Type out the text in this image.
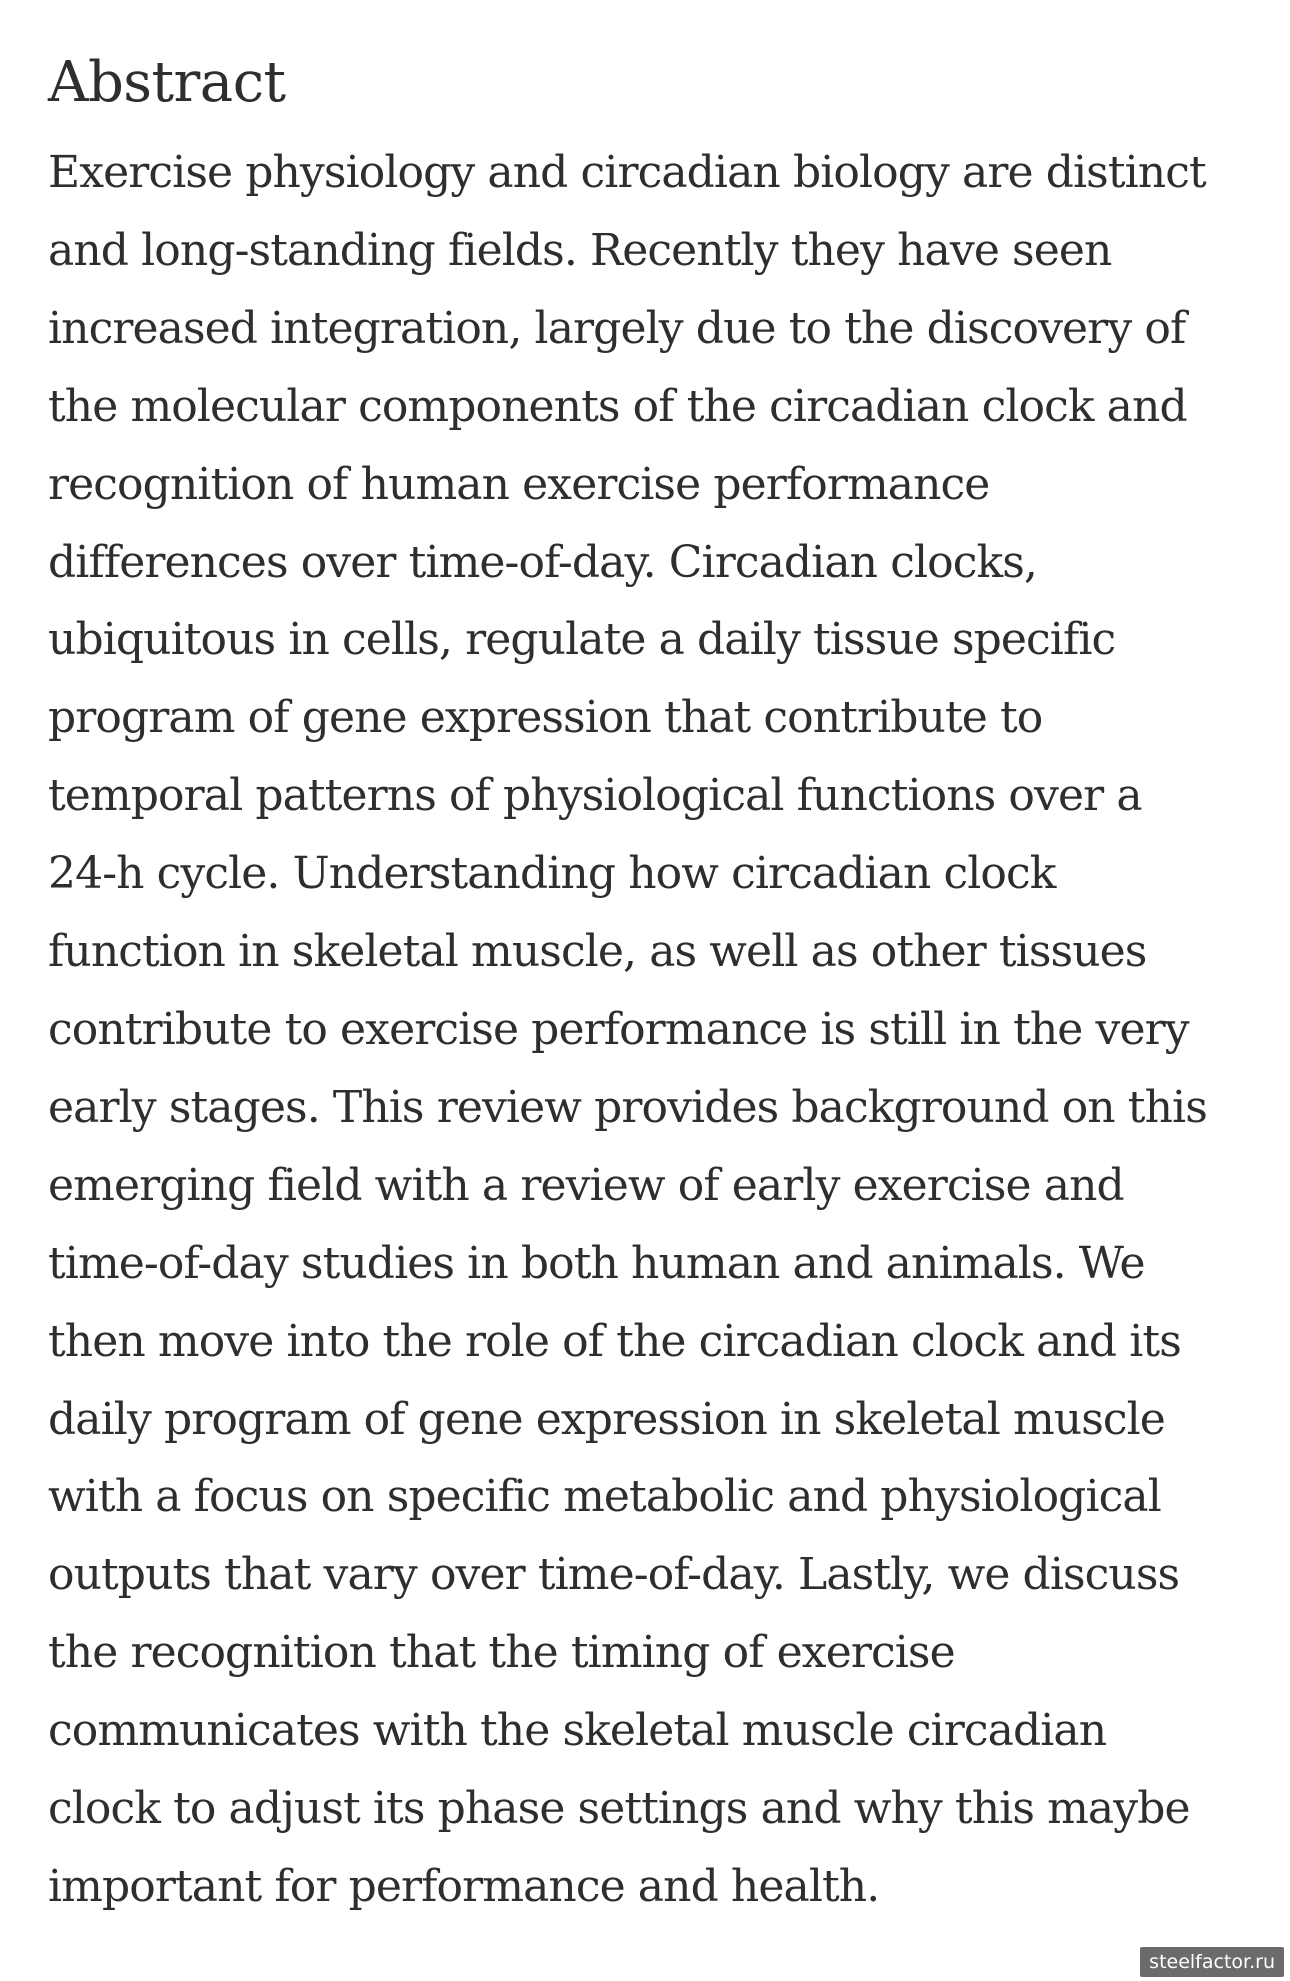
Abstract

Exercise physiology and circadian biology are distinct
and long-standing fields. Recently they have seen
increased integration, largely due to the discovery of
the molecular components of the circadian clock and
recognition of human exercise performance
differences over time-of-day. Circadian clocks,
ubiquitous in cells, regulate a daily tissue specific
program of gene expression that contribute to
temporal patterns of physiological functions over a
24-h cycle. Understanding how circadian clock
function in skeletal muscle, as well as other tissues
contribute to exercise performance is still in the very
early stages. This review provides background on this
emerging field with a review of early exercise and
time-of-day studies in both human and animals. We
then move into the role of the circadian clock and its
daily program of gene expression in skeletal muscle
with a focus on specific metabolic and physiological
outputs that vary over time-of-day. Lastly, we discuss
the recognition that the timing of exercise
communicates with the skeletal muscle circadian
clock to adjust its phase settings and why this maybe
important for performance and health.

steelfactor.ru
